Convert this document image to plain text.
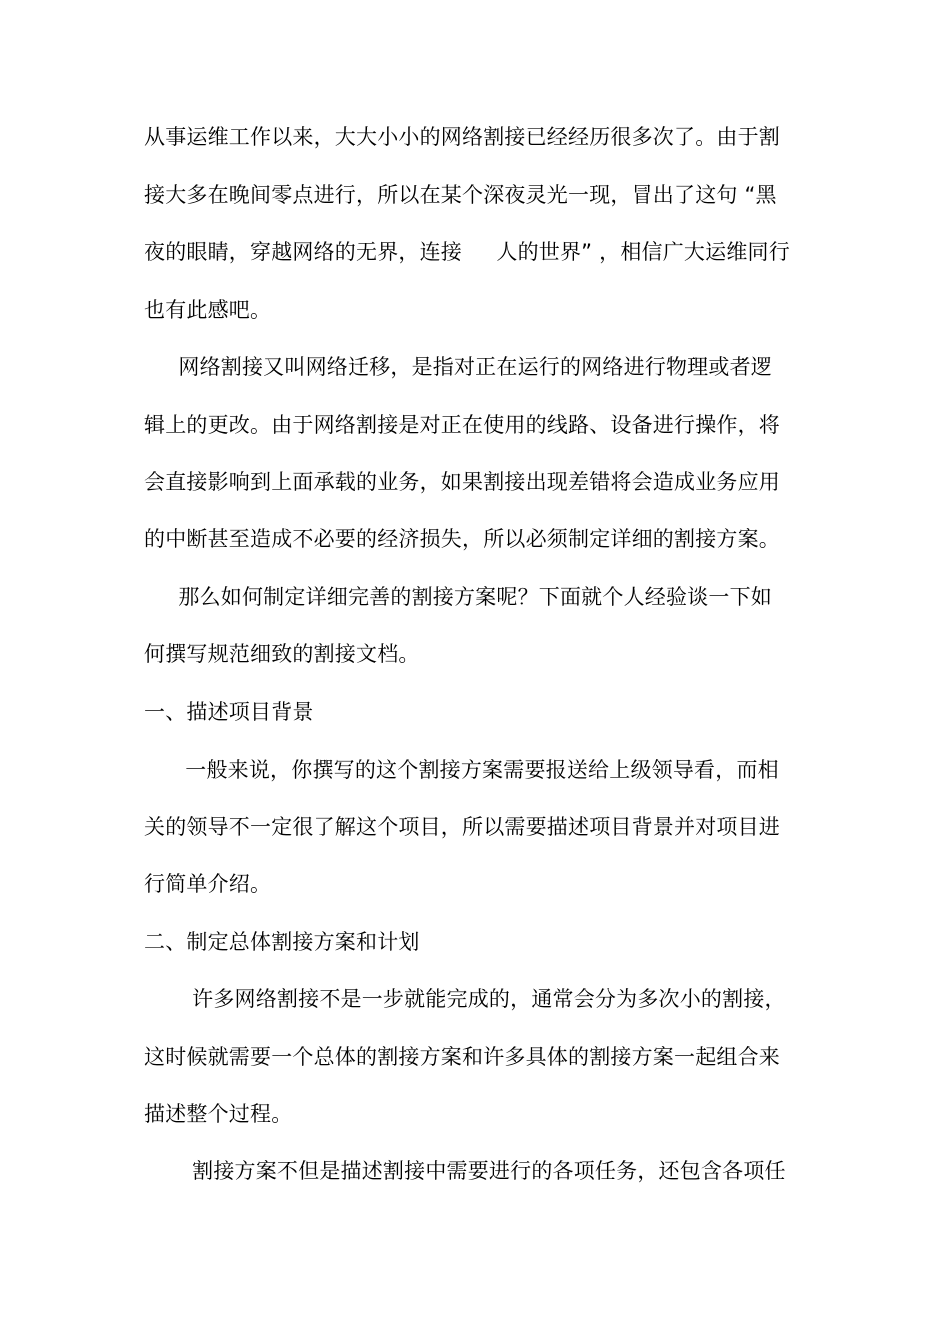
从事运维工作以来，大大小小的网络割接已经经历很多次了。由于割
接大多在晚间零点进行，所以在某个深夜灵光一现，冒出了这句 “黑
夜的眼睛，穿越网络的无界，连接     人的世界” ，相信广大运维同行
也有此感吧。
网络割接又叫网络迁移，是指对正在运行的网络进行物理或者逻
辑上的更改。由于网络割接是对正在使用的线路、设备进行操作，将
会直接影响到上面承载的业务，如果割接出现差错将会造成业务应用
的中断甚至造成不必要的经济损失，所以必须制定详细的割接方案。
那么如何制定详细完善的割接方案呢？下面就个人经验谈一下如
何撰写规范细致的割接文档。
一、描述项目背景
一般来说，你撰写的这个割接方案需要报送给上级领导看，而相
关的领导不一定很了解这个项目，所以需要描述项目背景并对项目进
行简单介绍。
二、制定总体割接方案和计划
许多网络割接不是一步就能完成的，通常会分为多次小的割接，
这时候就需要一个总体的割接方案和许多具体的割接方案一起组合来
描述整个过程。
割接方案不但是描述割接中需要进行的各项任务，还包含各项任
